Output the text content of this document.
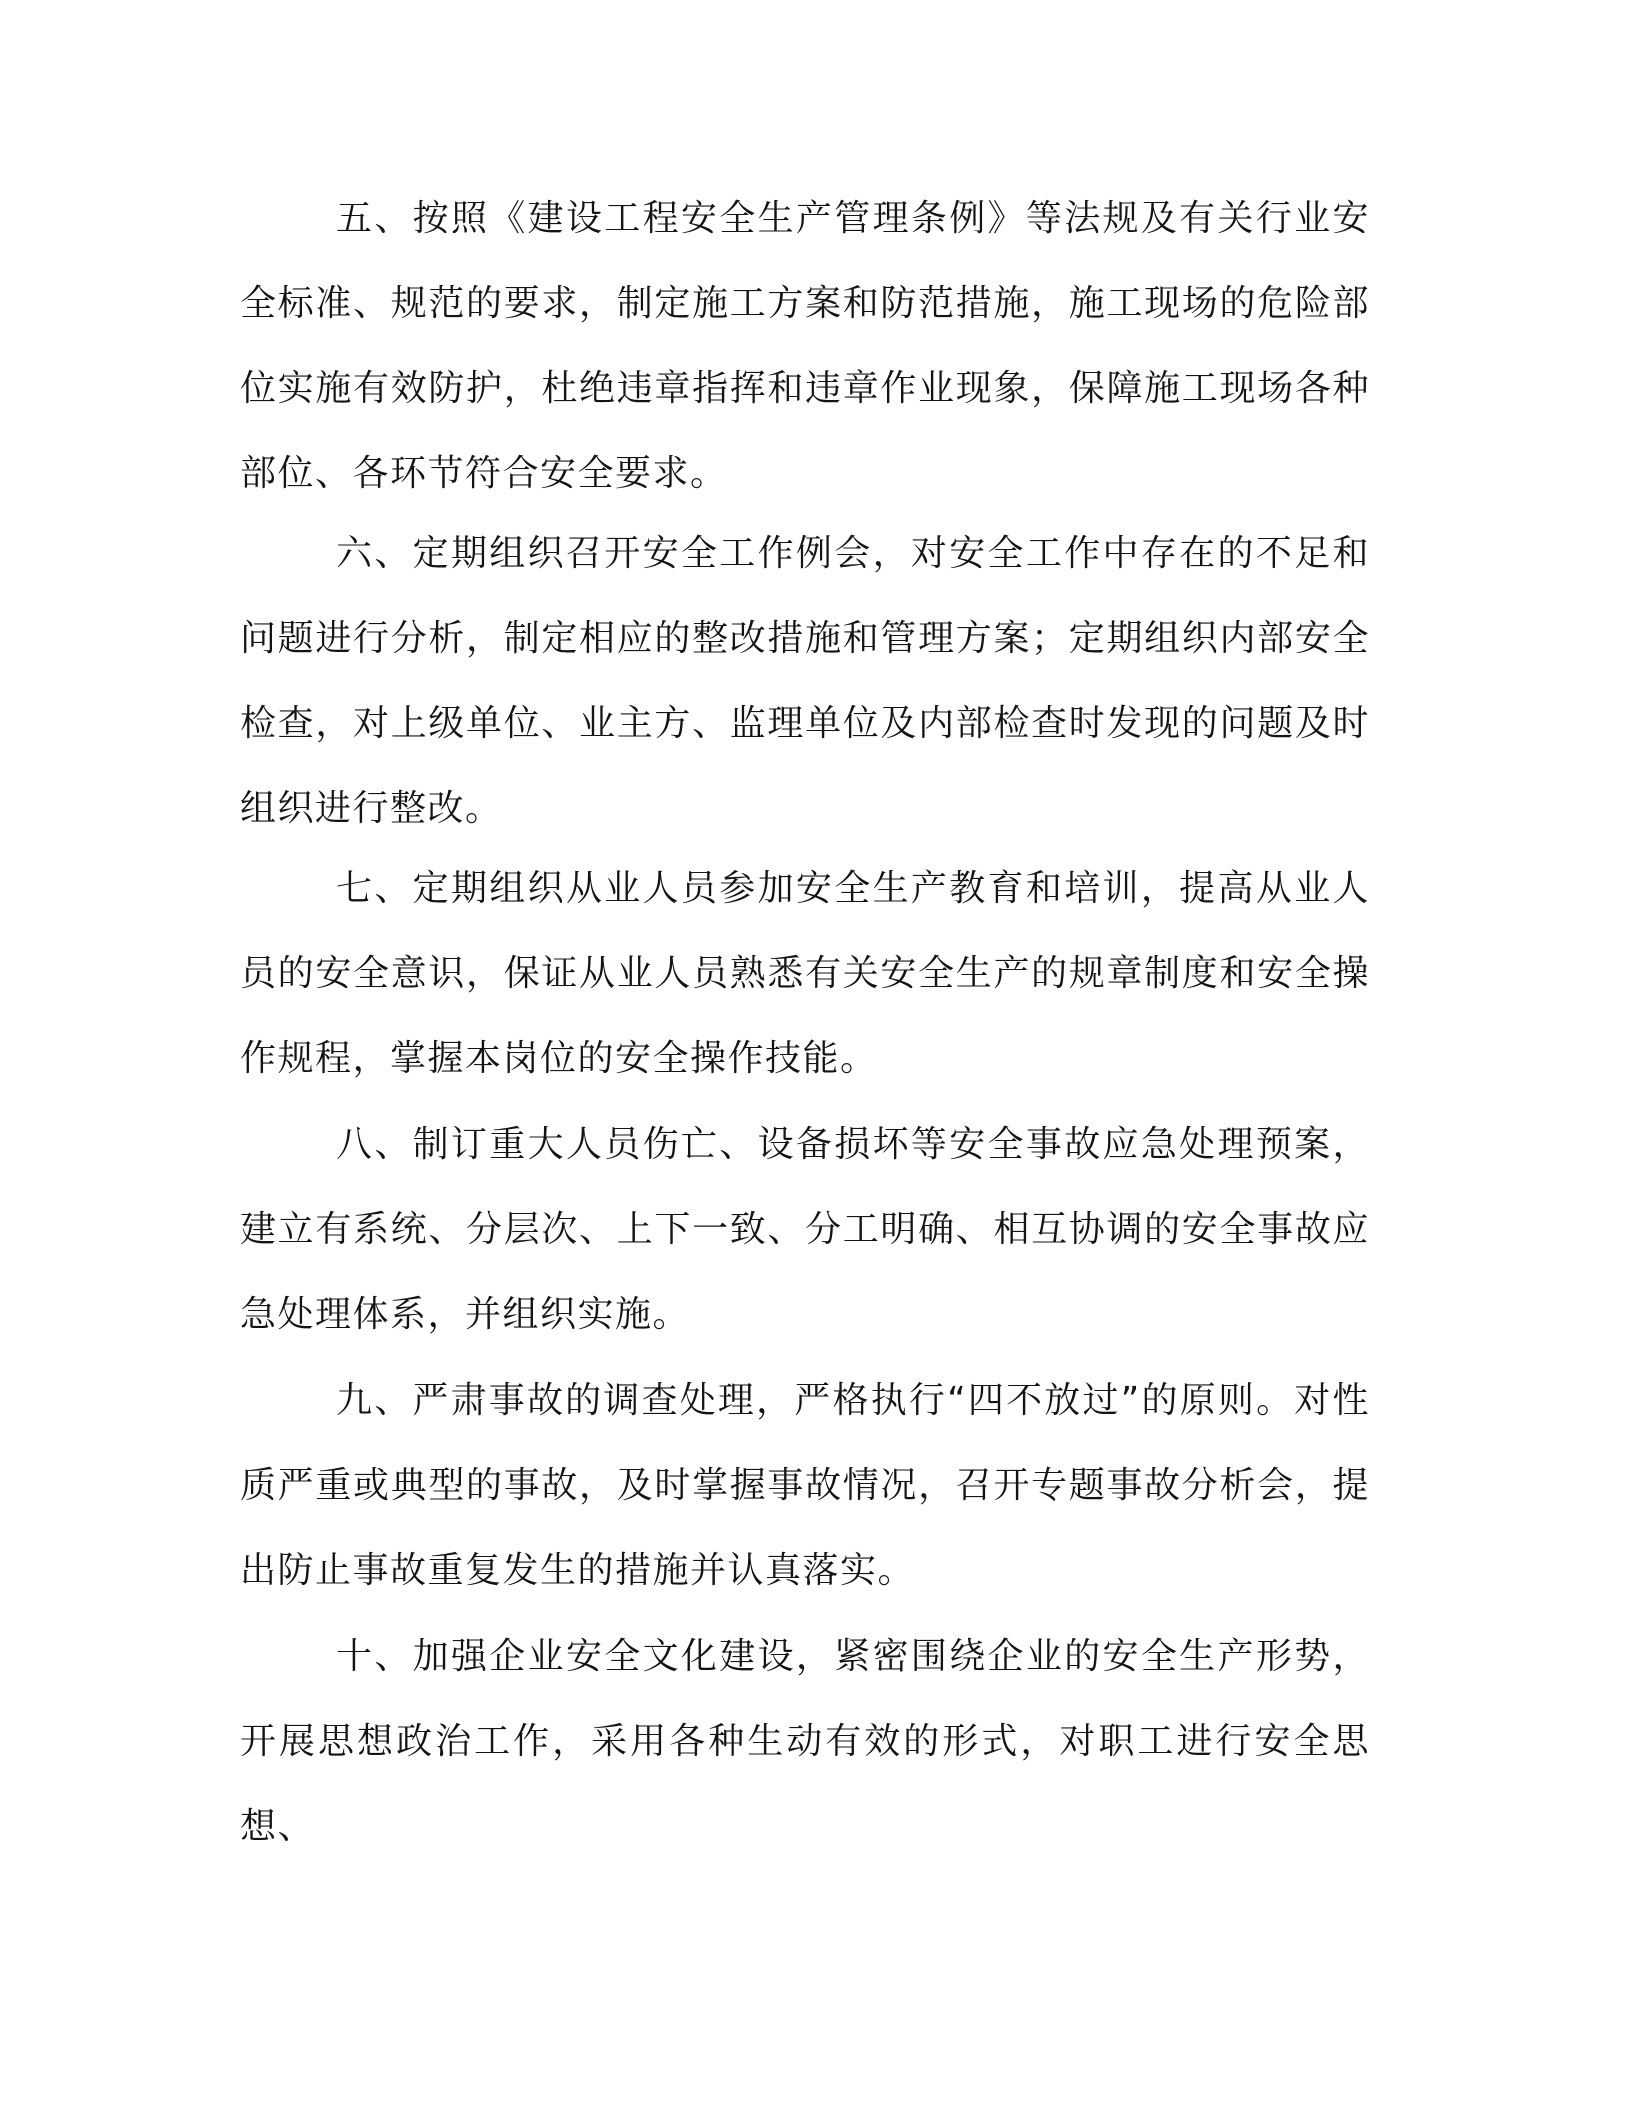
五、按照《建设工程安全生产管理条例》等法规及有关行业安全标准、规范的要求，制定施工方案和防范措施，施工现场的危险部位实施有效防护，杜绝违章指挥和违章作业现象，保障施工现场各种部位、各环节符合安全要求。

六、定期组织召开安全工作例会，对安全工作中存在的不足和问题进行分析，制定相应的整改措施和管理方案；定期组织内部安全检查，对上级单位、业主方、监理单位及内部检查时发现的问题及时组织进行整改。

七、定期组织从业人员参加安全生产教育和培训，提高从业人员的安全意识，保证从业人员熟悉有关安全生产的规章制度和安全操作规程，掌握本岗位的安全操作技能。

八、制订重大人员伤亡、设备损坏等安全事故应急处理预案，建立有系统、分层次、上下一致、分工明确、相互协调的安全事故应急处理体系，并组织实施。

九、严肃事故的调查处理，严格执行“四不放过”的原则。对性质严重或典型的事故，及时掌握事故情况，召开专题事故分析会，提出防止事故重复发生的措施并认真落实。

十、加强企业安全文化建设，紧密围绕企业的安全生产形势，开展思想政治工作，采用各种生动有效的形式，对职工进行安全思想、
